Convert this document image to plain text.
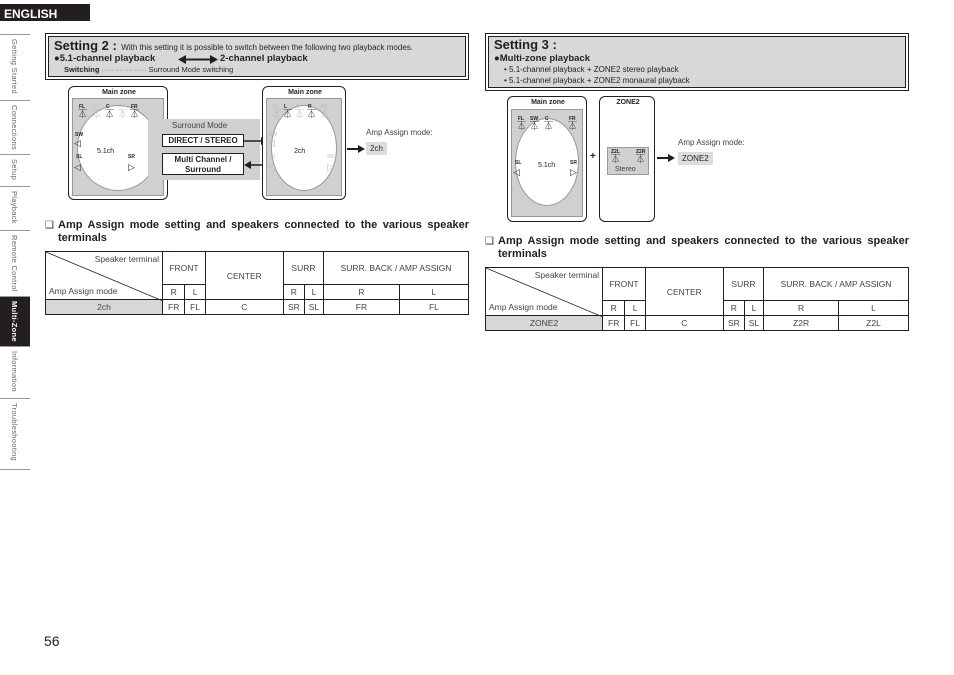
ENGLISH
Getting Started
Connections
Setup
Playback
Remote Control
Multi-Zone
Information
Troubleshooting
56
Setting 2 : With this setting it is possible to switch between the following two playback modes.
●5.1-channel playback	2-channel playback
Switching ·················· Surround Mode switching
Main zone
FL L C R FR
⏄ ⏄ ⏄ ⏄ ⏄
SW
◁
SL
◁
SR
▷
5.1ch
Surround Mode
DIRECT / STEREO
Multi Channel / Surround
Main zone
FL L C R FR
⏄ ⏄ ⏄ ⏄ ⏄
SW
◁
SL
◁
SR
▷
2ch
Amp Assign mode:
2ch
❑ Amp Assign mode setting and speakers connected to the various speaker terminals
Speaker terminal
Amp Assign mode	FRONT		CENTER	SURR		SURR. BACK / AMP ASSIGN	
	R	L		R	L	R	L
2ch	FR	FL	C	SR	SL	FR	FL
Setting 3 :
●Multi-zone playback
• 5.1-channel playback + ZONE2 stereo playback
• 5.1-channel playback + ZONE2 monaural playback
Main zone
FL SW C	FR
⏄ ⏄ ⏄ ⏄
SL
◁
SR
▷
5.1ch
+
ZONE2
Z2L	Z2R
⏄ ⏄
Stereo
Amp Assign mode:
ZONE2
❑ Amp Assign mode setting and speakers connected to the various speaker terminals
Speaker terminal
Amp Assign mode	FRONT		CENTER	SURR		SURR. BACK / AMP ASSIGN	
	R	L		R	L	R	L
ZONE2	FR	FL	C	SR	SL	Z2R	Z2L
